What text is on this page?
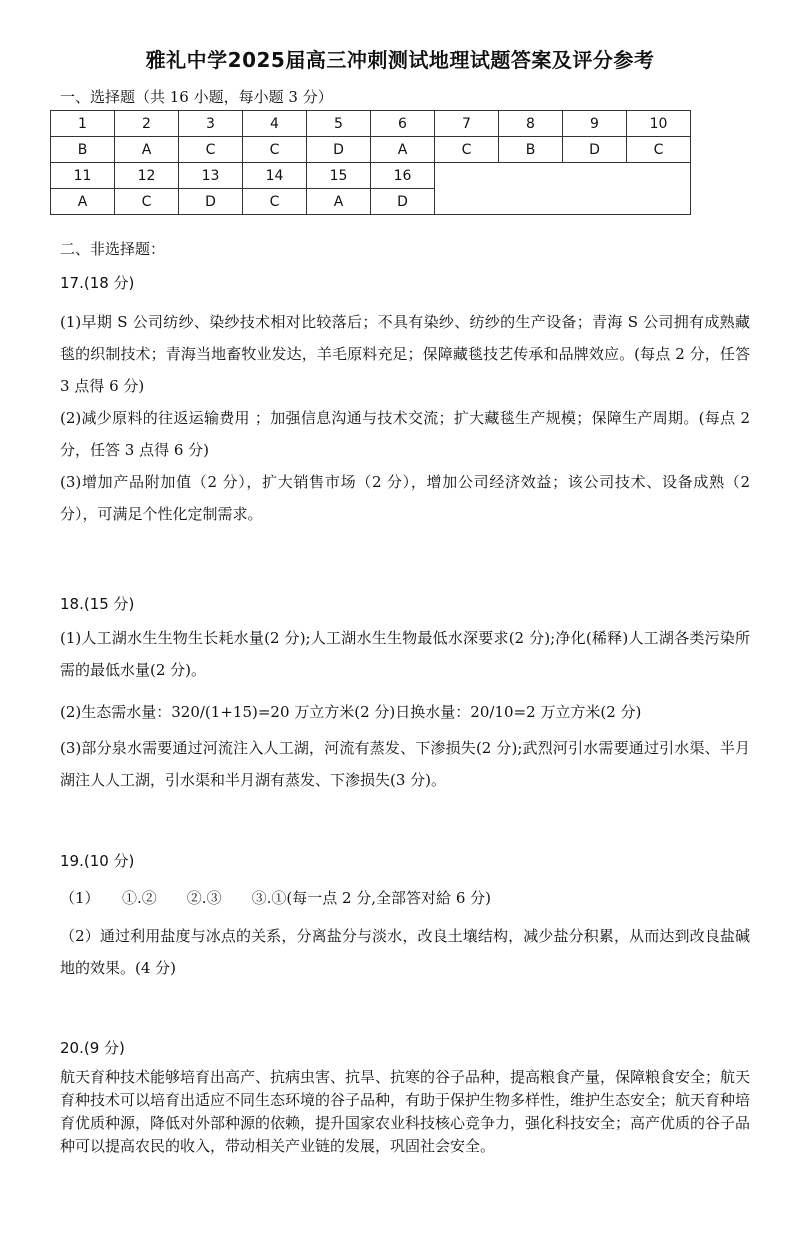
雅礼中学2025届高三冲刺测试地理试题答案及评分参考
一、选择题（共 16 小题，每小题 3 分）
1	2	3	4	5	6	7	8	9	10
B	A	C	C	D	A	C	B	D	C
11	12	13	14	15	16				
A	C	D	C	A	D				
二、非选择题：
17.(18 分)
(1)早期 S 公司纺纱、染纱技术相对比较落后；不具有染纱、纺纱的生产设备；青海 S 公司拥有成熟藏毯的织制技术；青海当地畜牧业发达，羊毛原料充足；保障藏毯技艺传承和品牌效应。(每点 2 分，任答 3 点得 6 分)
(2)减少原料的往返运输费用 ；加强信息沟通与技术交流；扩大藏毯生产规模；保障生产周期。(每点 2 分，任答 3 点得 6 分)
(3)增加产品附加值（2 分），扩大销售市场（2 分），增加公司经济效益；该公司技术、设备成熟（2 分），可满足个性化定制需求。
18.(15 分)
(1)人工湖水生生物生长耗水量(2 分);人工湖水生生物最低水深要求(2 分);净化(稀释)人工湖各类污染所需的最低水量(2 分)。
(2)生态需水量：320/(1+15)=20 万立方米(2 分)日换水量：20/10=2 万立方米(2 分)
(3)部分泉水需要通过河流注入人工湖，河流有蒸发、下渗损失(2 分);武烈河引水需要通过引水渠、半月湖注人人工湖，引水渠和半月湖有蒸发、下渗损失(3 分)。
19.(10 分)
（1）　　①.②　　②.③　　③.①(每一点 2 分,全部答对給 6 分)
（2）通过利用盐度与冰点的关系，分离盐分与淡水，改良土壤结构，减少盐分积累，从而达到改良盐碱地的效果。(4 分)
20.(9 分)
航天育种技术能够培育出高产、抗病虫害、抗旱、抗寒的谷子品种，提高粮食产量，保障粮食安全；航天育种技术可以培育出适应不同生态环境的谷子品种，有助于保护生物多样性，维护生态安全；航天育种培育优质种源，降低对外部种源的依赖，提升国家农业科技核心竞争力，强化科技安全；高产优质的谷子品种可以提高农民的收入，带动相关产业链的发展，巩固社会安全。
